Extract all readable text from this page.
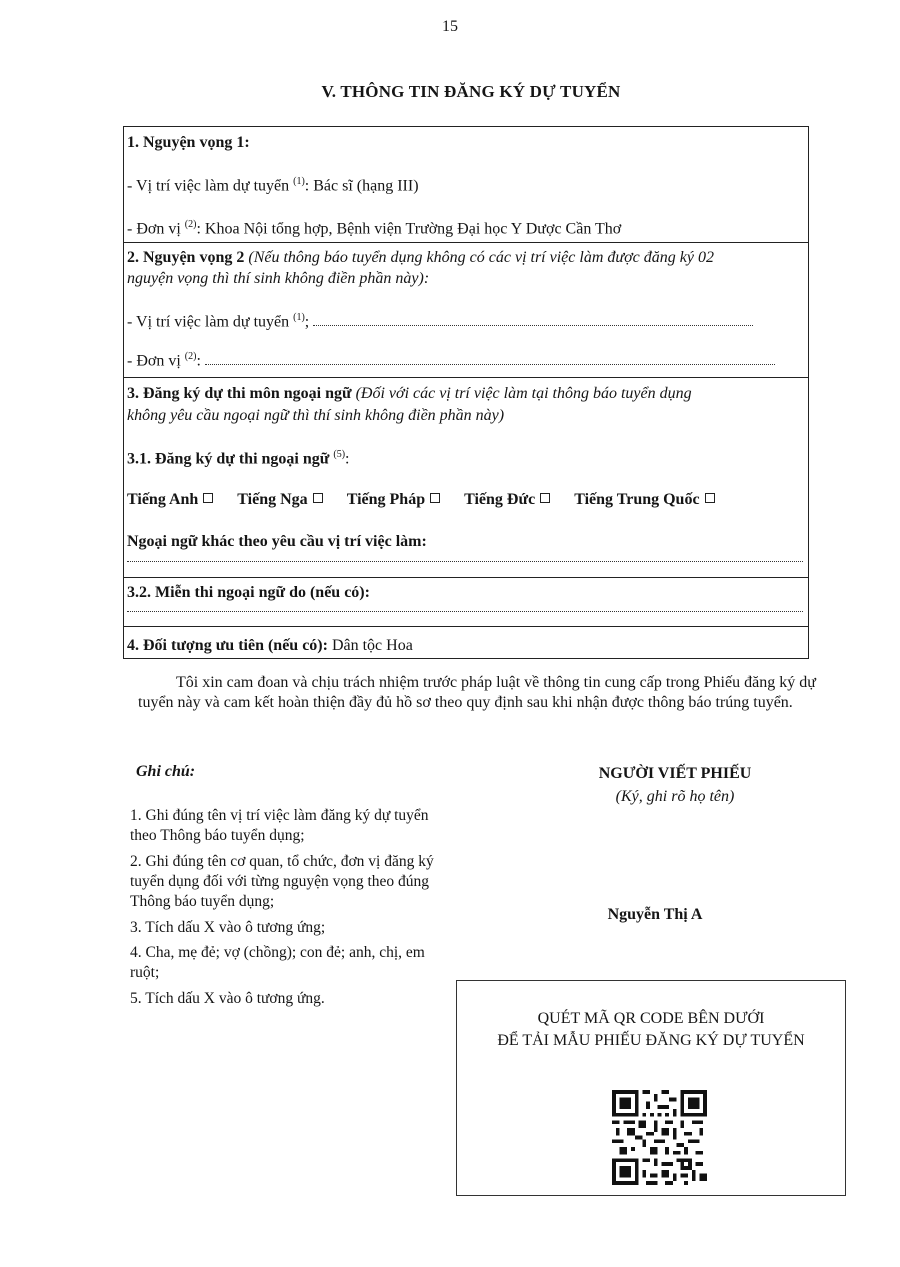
15
V. THÔNG TIN ĐĂNG KÝ DỰ TUYỂN
1. Nguyện vọng 1:
- Vị trí việc làm dự tuyển $^{(1)}$: Bác sĩ (hạng III)
- Đơn vị $^{(2)}$: Khoa Nội tổng hợp, Bệnh viện Trường Đại học Y Dược Cần Thơ
2. Nguyện vọng 2 (Nếu thông báo tuyển dụng không có các vị trí việc làm được đăng ký 02
nguyện vọng thì thí sinh không điền phần này):
- Vị trí việc làm dự tuyển $^{(1)}$;
- Đơn vị $^{(2)}$:
3. Đăng ký dự thi môn ngoại ngữ (Đối với các vị trí việc làm tại thông báo tuyển dụng
không yêu cầu ngoại ngữ thì thí sinh không điền phần này)
3.1. Đăng ký dự thi ngoại ngữ $^{(5)}$:
Tiếng Anh Tiếng Nga Tiếng Pháp Tiếng Đức Tiếng Trung Quốc
Ngoại ngữ khác theo yêu cầu vị trí việc làm:
3.2. Miễn thi ngoại ngữ do (nếu có):
4. Đối tượng ưu tiên (nếu có): Dân tộc Hoa
Tôi xin cam đoan và chịu trách nhiệm trước pháp luật về thông tin cung cấp trong Phiếu đăng ký dự tuyển này và cam kết hoàn thiện đầy đủ hồ sơ theo quy định sau khi nhận được thông báo trúng tuyển.
Ghi chú:
1. Ghi đúng tên vị trí việc làm đăng ký dự tuyển theo Thông báo tuyển dụng;
2. Ghi đúng tên cơ quan, tổ chức, đơn vị đăng ký tuyển dụng đối với từng nguyện vọng theo đúng Thông báo tuyển dụng;
3. Tích dấu X vào ô tương ứng;
4. Cha, mẹ đẻ; vợ (chồng); con đẻ; anh, chị, em ruột;
5. Tích dấu X vào ô tương ứng.
NGƯỜI VIẾT PHIẾU
(Ký, ghi rõ họ tên)
Nguyễn Thị A
QUÉT MÃ QR CODE BÊN DƯỚI
ĐỂ TẢI MẪU PHIẾU ĐĂNG KÝ DỰ TUYỂN
